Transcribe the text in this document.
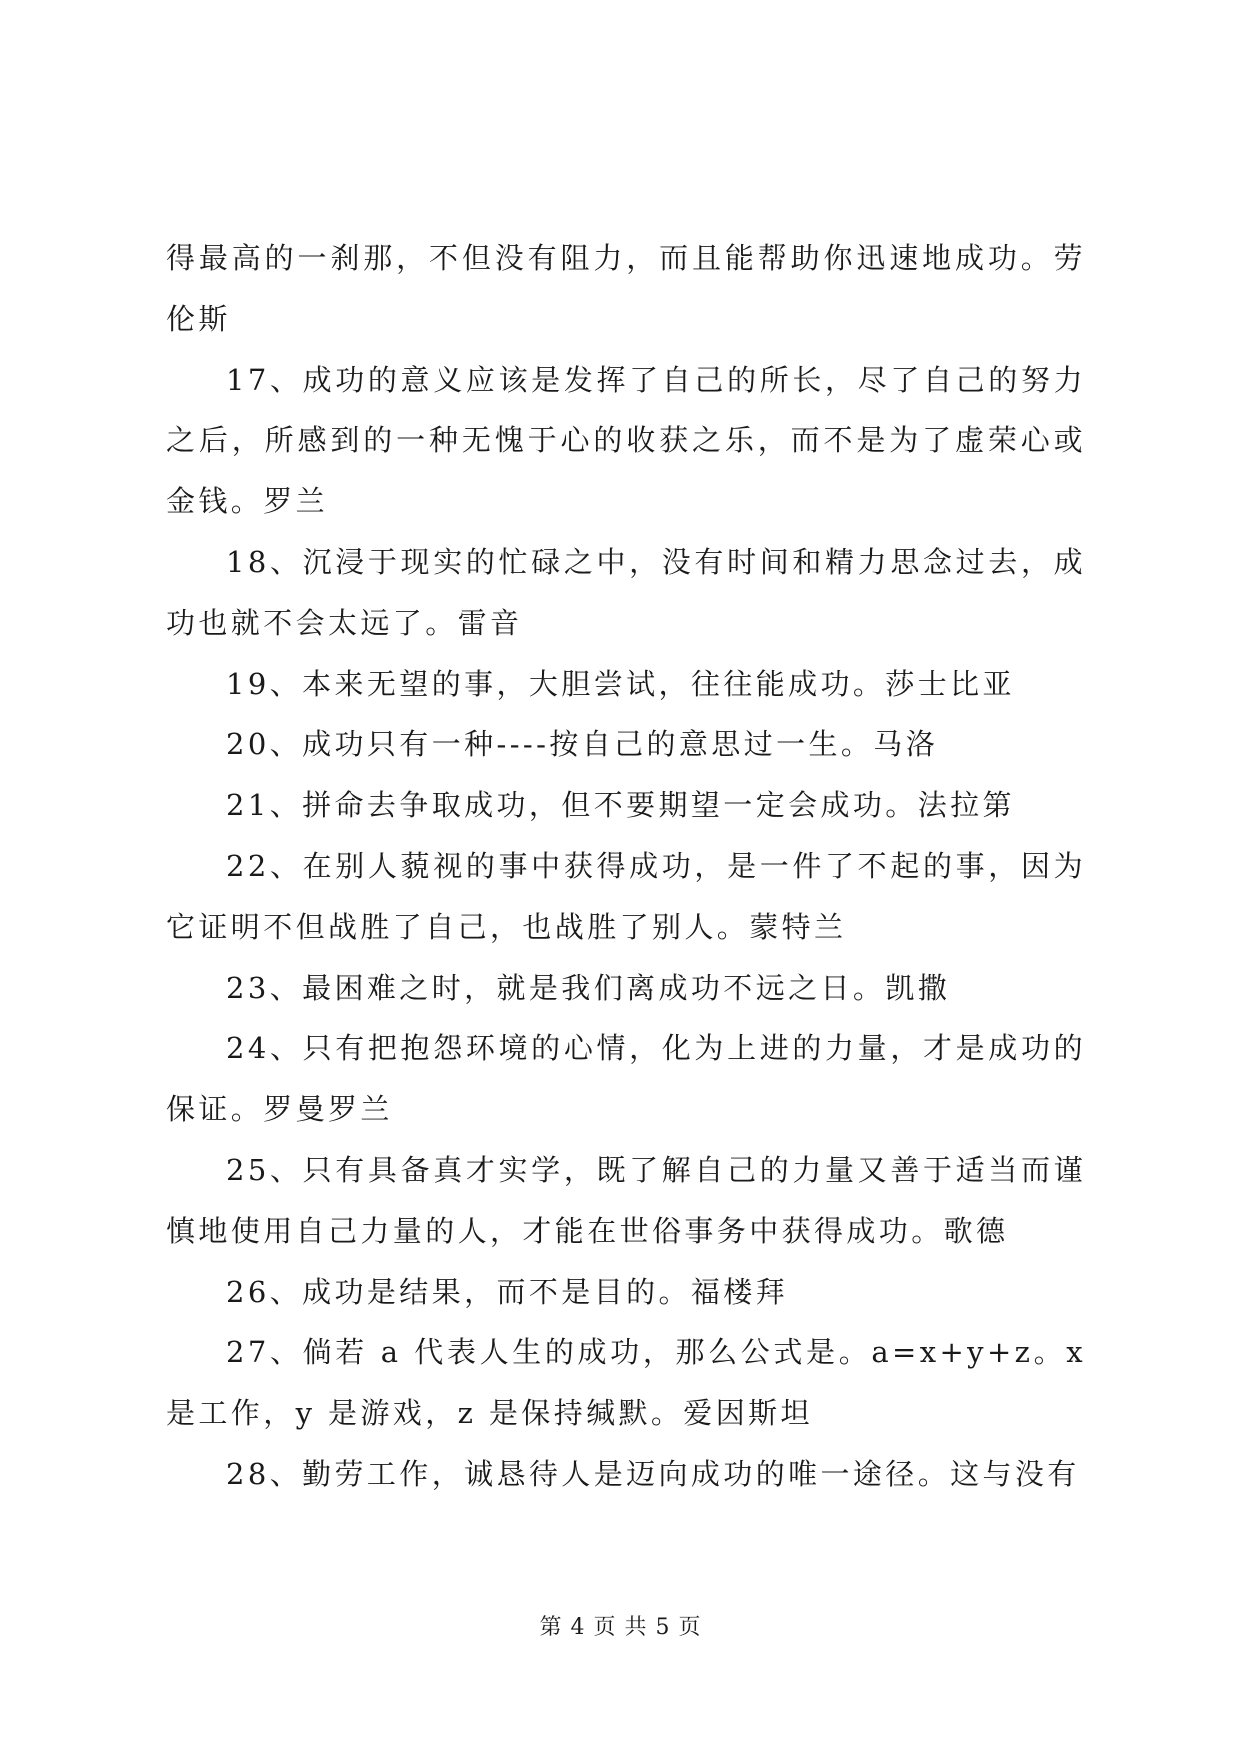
得最高的一刹那，不但没有阻力，而且能帮助你迅速地成功。劳伦斯

17、成功的意义应该是发挥了自己的所长，尽了自己的努力之后，所感到的一种无愧于心的收获之乐，而不是为了虚荣心或金钱。罗兰

18、沉浸于现实的忙碌之中，没有时间和精力思念过去，成功也就不会太远了。雷音

19、本来无望的事，大胆尝试，往往能成功。莎士比亚

20、成功只有一种----按自己的意思过一生。马洛

21、拼命去争取成功，但不要期望一定会成功。法拉第

22、在别人藐视的事中获得成功，是一件了不起的事，因为它证明不但战胜了自己，也战胜了别人。蒙特兰

23、最困难之时，就是我们离成功不远之日。凯撒

24、只有把抱怨环境的心情，化为上进的力量，才是成功的保证。罗曼罗兰

25、只有具备真才实学，既了解自己的力量又善于适当而谨慎地使用自己力量的人，才能在世俗事务中获得成功。歌德

26、成功是结果，而不是目的。福楼拜

27、倘若 a 代表人生的成功，那么公式是。a=x+y+z。x 是工作，y 是游戏，z 是保持缄默。爱因斯坦

28、勤劳工作，诚恳待人是迈向成功的唯一途径。这与没有

第 4 页 共 5 页
